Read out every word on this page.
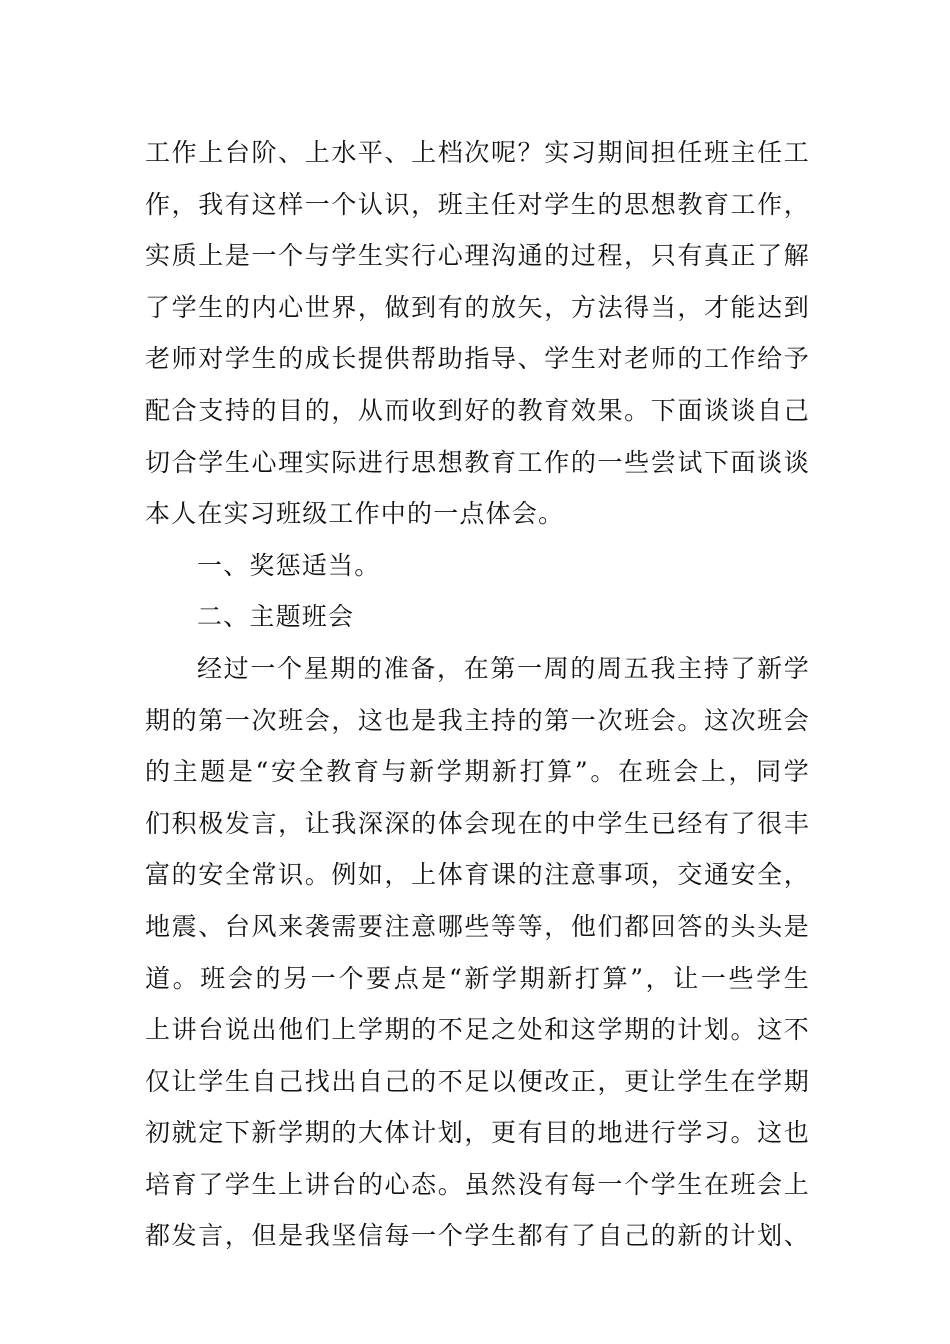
工作上台阶、上水平、上档次呢？实习期间担任班主任工
作，我有这样一个认识，班主任对学生的思想教育工作，
实质上是一个与学生实行心理沟通的过程，只有真正了解
了学生的内心世界，做到有的放矢，方法得当，才能达到
老师对学生的成长提供帮助指导、学生对老师的工作给予
配合支持的目的，从而收到好的教育效果。下面谈谈自己
切合学生心理实际进行思想教育工作的一些尝试下面谈谈
本人在实习班级工作中的一点体会。
一、奖惩适当。
二、主题班会
经过一个星期的准备，在第一周的周五我主持了新学
期的第一次班会，这也是我主持的第一次班会。这次班会
的主题是“安全教育与新学期新打算”。在班会上，同学
们积极发言，让我深深的体会现在的中学生已经有了很丰
富的安全常识。例如，上体育课的注意事项，交通安全，
地震、台风来袭需要注意哪些等等，他们都回答的头头是
道。班会的另一个要点是“新学期新打算”，让一些学生
上讲台说出他们上学期的不足之处和这学期的计划。这不
仅让学生自己找出自己的不足以便改正，更让学生在学期
初就定下新学期的大体计划，更有目的地进行学习。这也
培育了学生上讲台的心态。虽然没有每一个学生在班会上
都发言，但是我坚信每一个学生都有了自己的新的计划、
